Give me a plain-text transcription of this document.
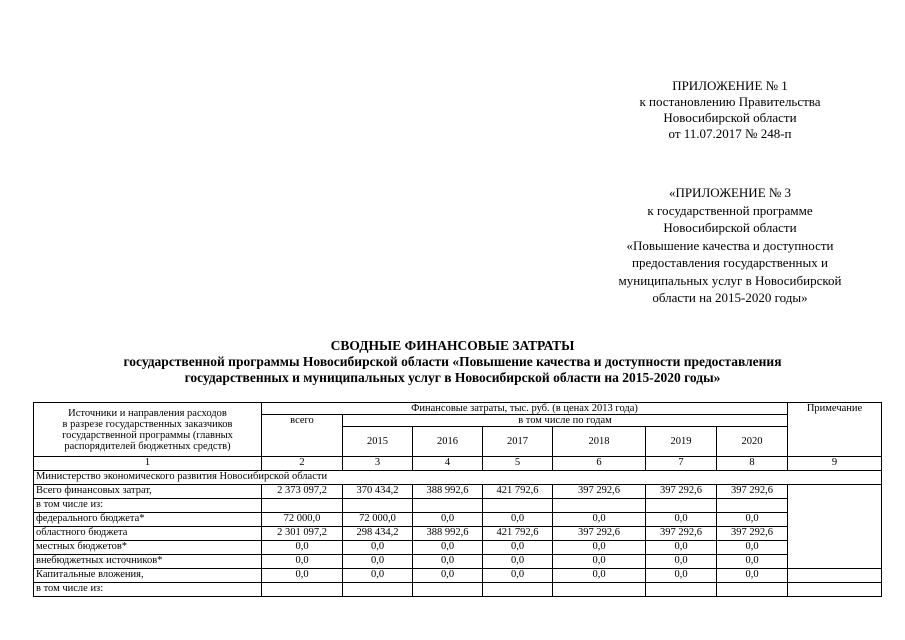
ПРИЛОЖЕНИЕ № 1
к постановлению Правительства
Новосибирской области
от 11.07.2017 № 248-п
«ПРИЛОЖЕНИЕ № 3
к государственной программе
Новосибирской области
«Повышение качества и доступности
предоставления государственных и
муниципальных услуг в Новосибирской
области на 2015-2020 годы»
СВОДНЫЕ ФИНАНСОВЫЕ ЗАТРАТЫ
государственной программы Новосибирской области «Повышение качества и доступности предоставления
государственных и муниципальных услуг в Новосибирской области на 2015-2020 годы»
Источники и направления расходов
в разрезе государственных заказчиков
государственной программы (главных
распорядителей бюджетных средств)	Финансовые затраты, тыс. руб. (в ценах 2013 года)							Примечание
	всего	в том числе по годам						
		2015	2016	2017	2018	2019	2020	
1	2	3	4	5	6	7	8	9
Министерство экономического развития Новосибирской области								
Всего финансовых затрат,	2 373 097,2	370 434,2	388 992,6	421 792,6	397 292,6	397 292,6	397 292,6	
в том числе из:								
федерального бюджета*	72 000,0	72 000,0	0,0	0,0	0,0	0,0	0,0	
областного бюджета	2 301 097,2	298 434,2	388 992,6	421 792,6	397 292,6	397 292,6	397 292,6	
местных бюджетов*	0,0	0,0	0,0	0,0	0,0	0,0	0,0	
внебюджетных источников*	0,0	0,0	0,0	0,0	0,0	0,0	0,0	
Капитальные вложения,	0,0	0,0	0,0	0,0	0,0	0,0	0,0	
в том числе из:								
